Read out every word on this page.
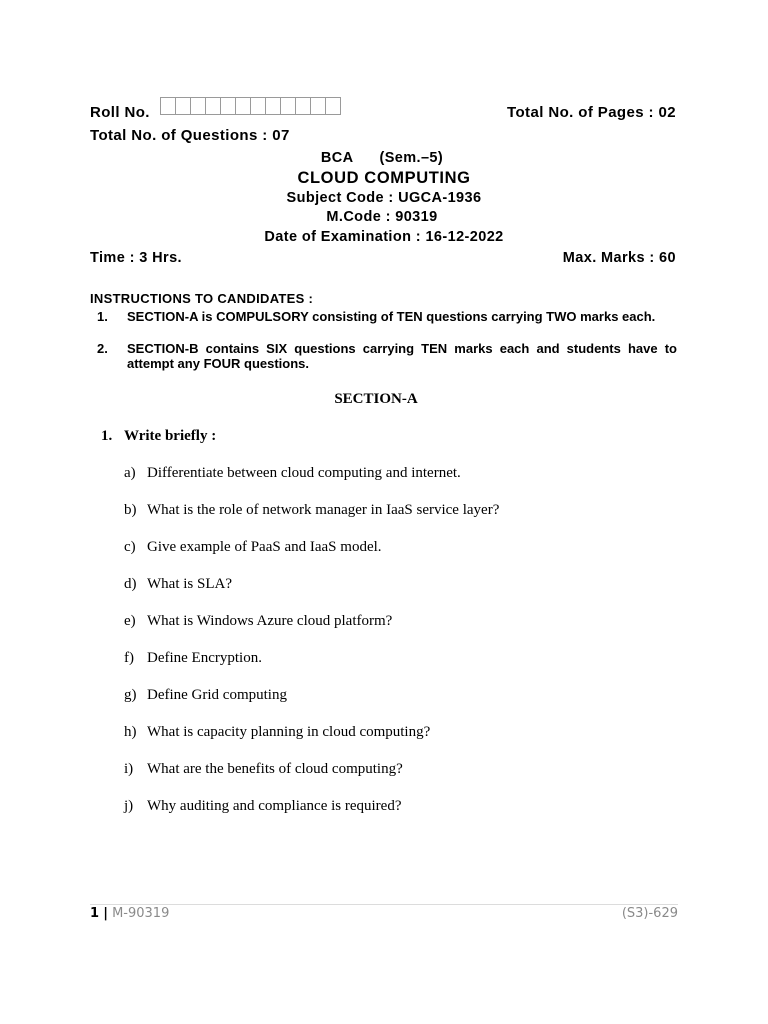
Roll No.	Total No. of Pages : 02
Total No. of Questions : 07
BCA (Sem.–5)
CLOUD COMPUTING
Subject Code : UGCA-1936
M.Code : 90319
Date of Examination : 16-12-2022
Time : 3 Hrs.	Max. Marks : 60
INSTRUCTIONS TO CANDIDATES :
1. SECTION-A is COMPULSORY consisting of TEN questions carrying TWO marks each.
2. SECTION-B contains SIX questions carrying TEN marks each and students have to attempt any FOUR questions.
SECTION-A
1. Write briefly :
a) Differentiate between cloud computing and internet.
b) What is the role of network manager in IaaS service layer?
c) Give example of PaaS and IaaS model.
d) What is SLA?
e) What is Windows Azure cloud platform?
f) Define Encryption.
g) Define Grid computing
h) What is capacity planning in cloud computing?
i) What are the benefits of cloud computing?
j) Why auditing and compliance is required?
1 | M-90319	(S3)-629
